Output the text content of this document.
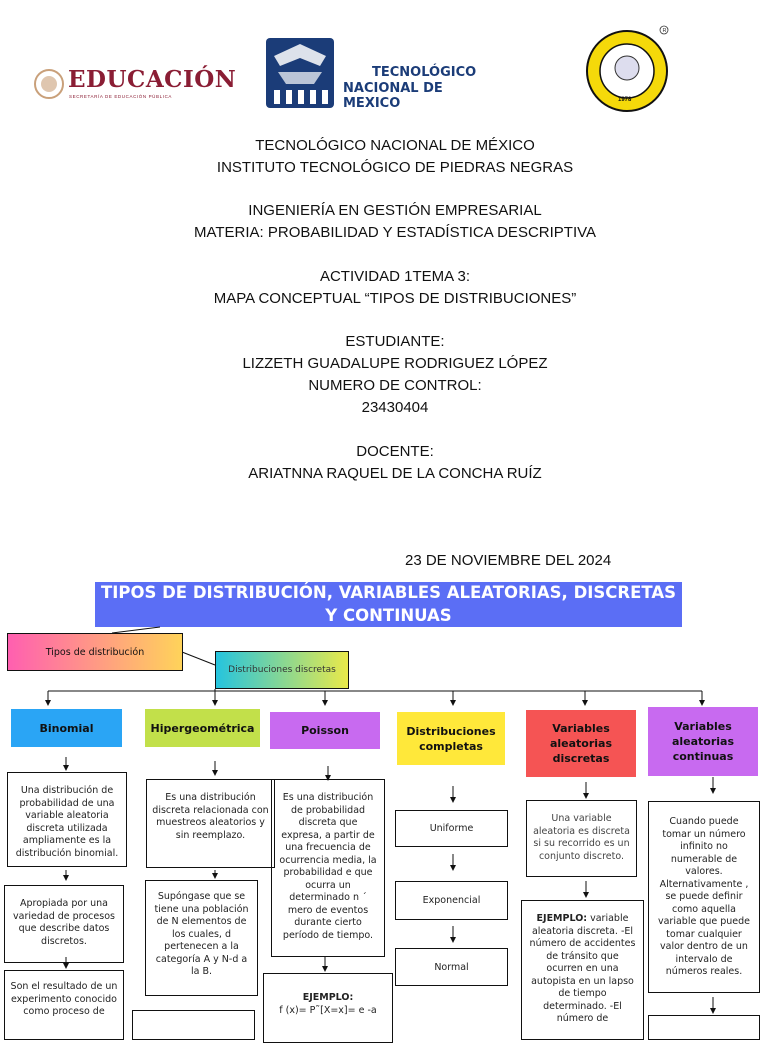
EDUCACIÓN
SECRETARÍA DE EDUCACIÓN PÚBLICA
TECNOLÓGICO
NACIONAL DE MEXICO
R
1978
TECNOLÓGICO NACIONAL DE MÉXICO
INSTITUTO TECNOLÓGICO DE PIEDRAS NEGRAS
INGENIERÍA EN GESTIÓN EMPRESARIAL
MATERIA: PROBABILIDAD Y ESTADÍSTICA DESCRIPTIVA
ACTIVIDAD 1TEMA 3:
MAPA CONCEPTUAL “TIPOS DE DISTRIBUCIONES”
ESTUDIANTE:
LIZZETH GUADALUPE RODRIGUEZ LÓPEZ
NUMERO DE CONTROL:
23430404
DOCENTE:
ARIATNNA RAQUEL DE LA CONCHA RUÍZ
23 DE NOVIEMBRE DEL 2024
TIPOS DE DISTRIBUCIÓN, VARIABLES ALEATORIAS, DISCRETAS Y CONTINUAS
Tipos de distribución
Distribuciones discretas
Binomial	Hipergeométrica	Poisson	Distribuciones completas
Variables aleatorias discretas
Variables aleatorias continuas
Una distribución de probabilidad de una variable aleatoria discreta utilizada ampliamente es la distribución binomial.
Apropiada por una variedad de procesos que describe datos discretos.
Son el resultado de un experimento conocido como proceso de
Es una distribución discreta relacionada con muestreos aleatorios y sin reemplazo.
Supóngase que se tiene una población de N elementos de los cuales, d pertenecen a la categoría A y N-d a la B.
Es una distribución de probabilidad discreta que expresa, a partir de una frecuencia de ocurrencia media, la probabilidad e que ocurra un determinado n ´ mero de eventos durante cierto período de tiempo.
EJEMPLO:
f (x)= P˜[X=x]= e -a
Uniforme
Exponencial
Normal
Una variable aleatoria es discreta si su recorrido es un conjunto discreto.
EJEMPLO: variable aleatoria discreta. -El número de accidentes de tránsito que ocurren en una autopista en un lapso de tiempo determinado. -El número de
Cuando puede tomar un número infinito no numerable de valores. Alternativamente , se puede definir como aquella variable que puede tomar cualquier valor dentro de un intervalo de números reales.
